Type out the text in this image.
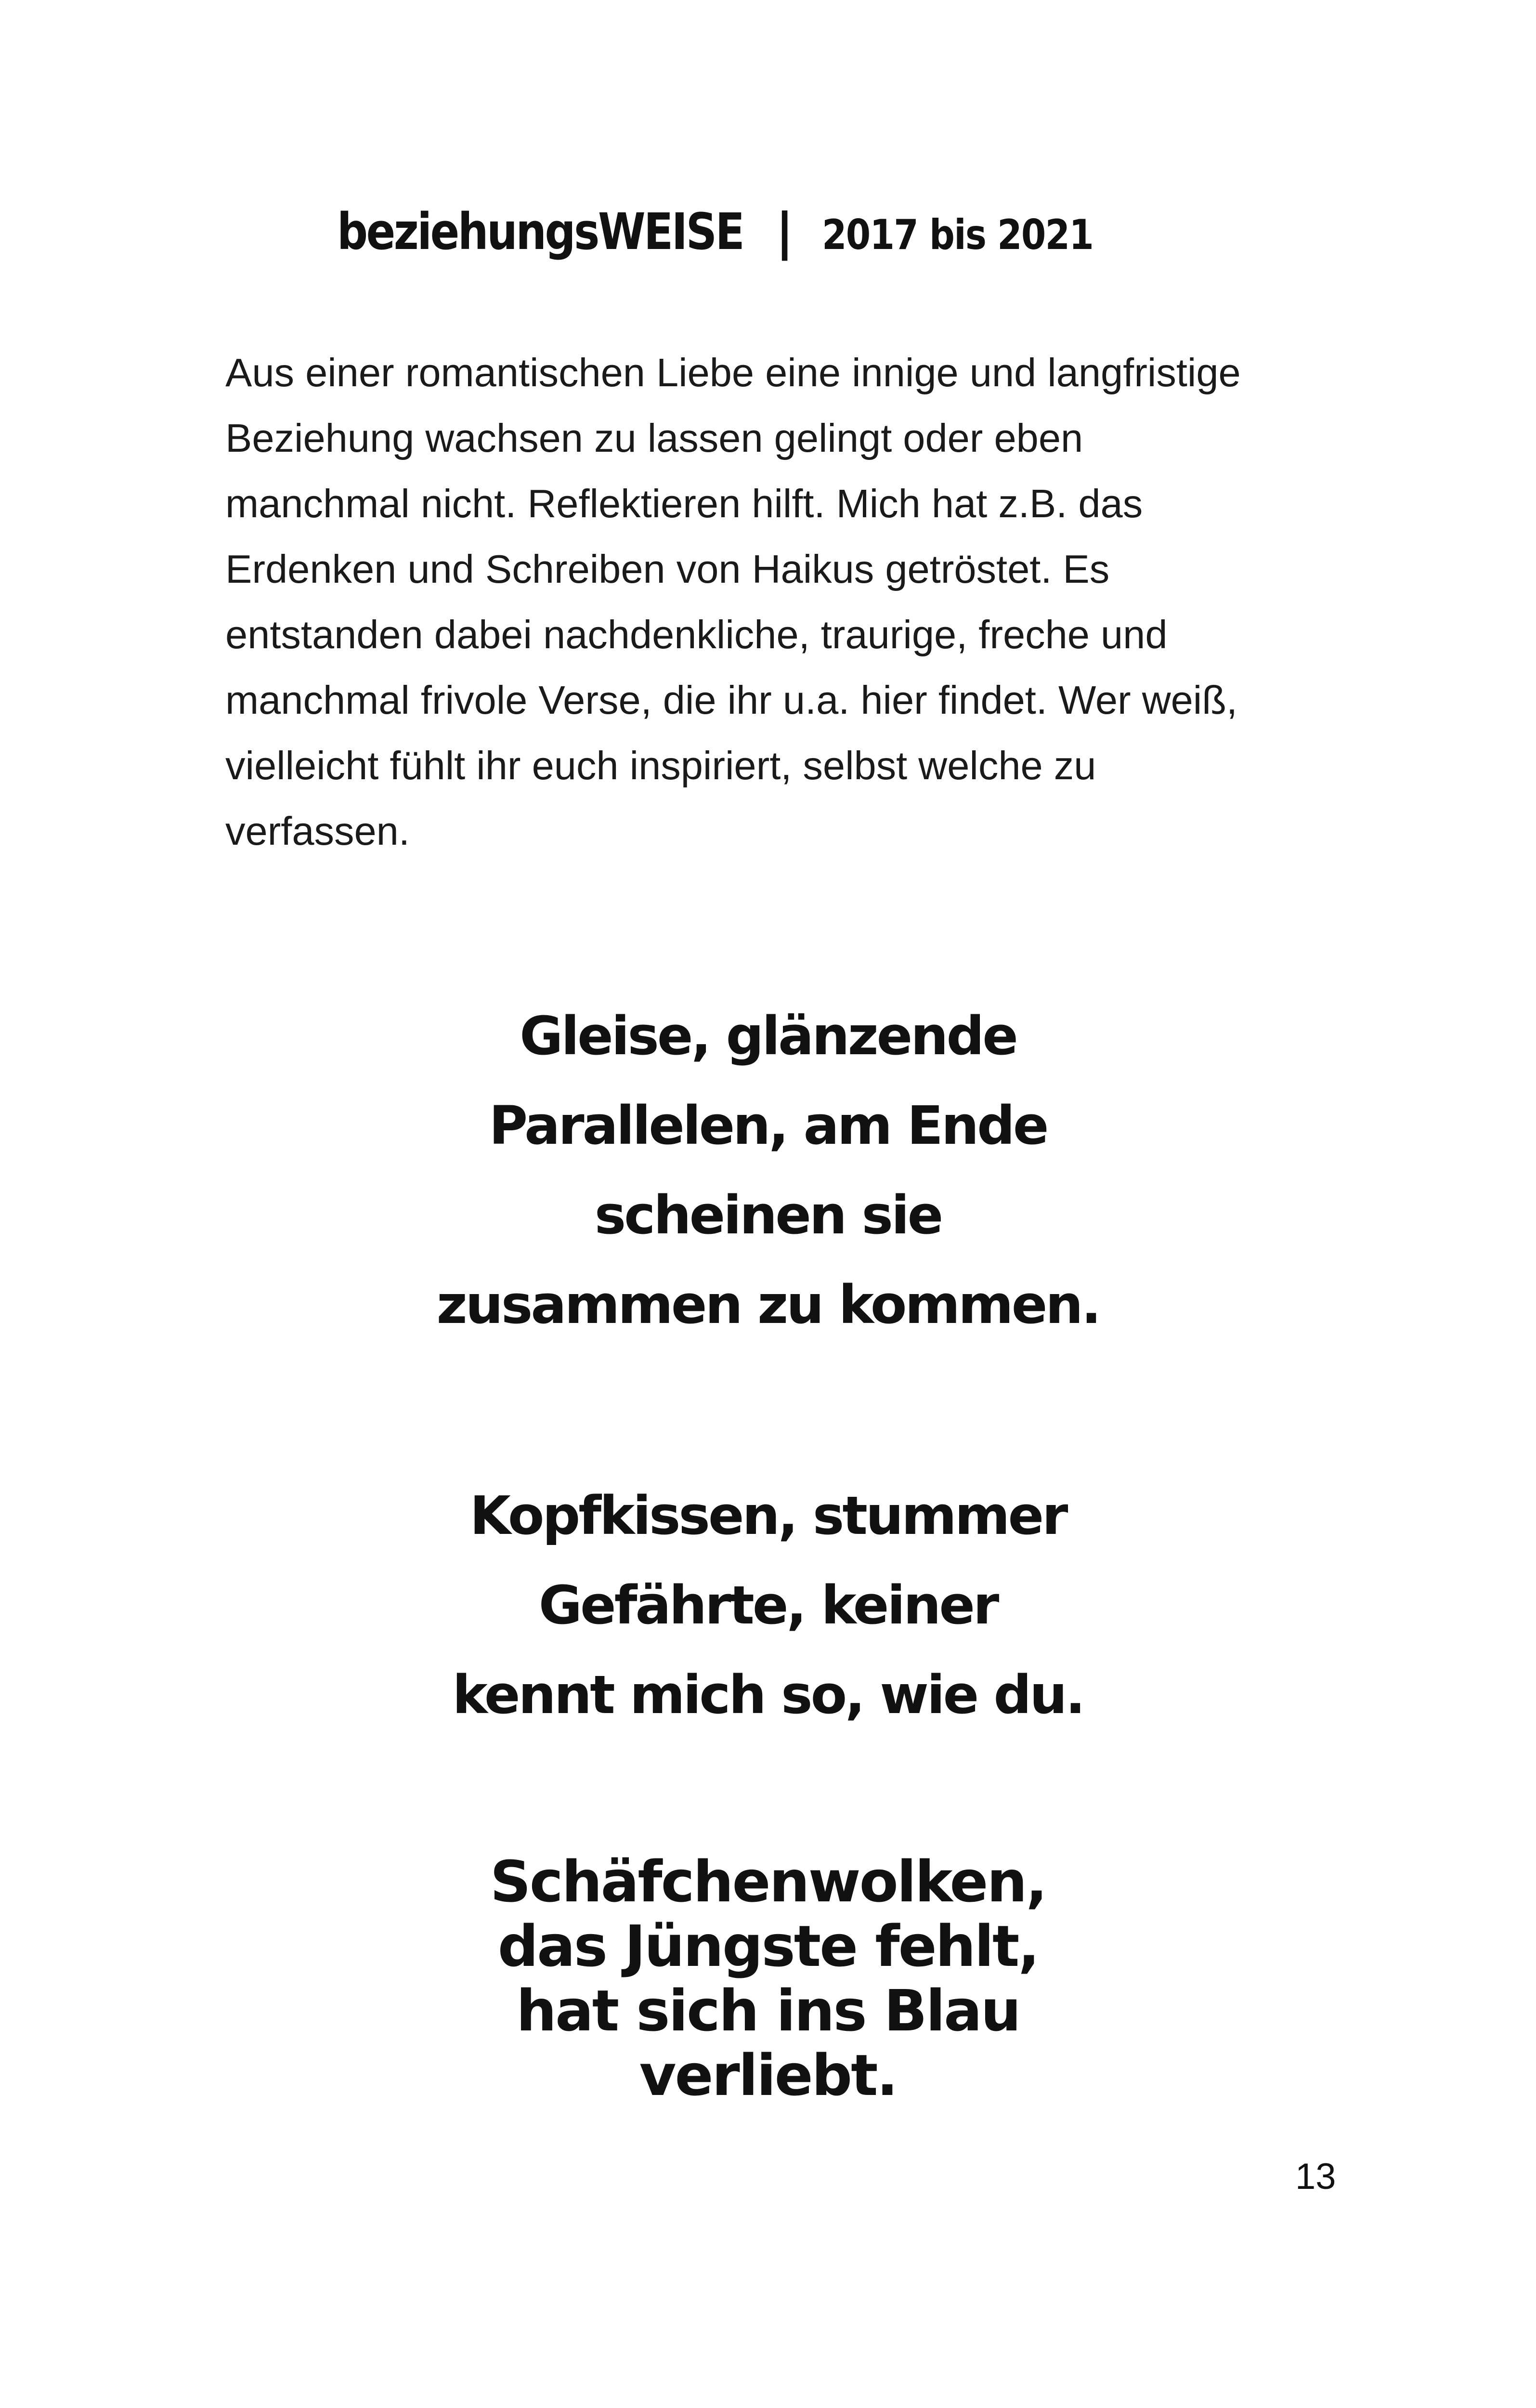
beziehungsWEISE | 2017 bis 2021

Aus einer romantischen Liebe eine innige und langfristige
Beziehung wachsen zu lassen gelingt oder eben
manchmal nicht. Reflektieren hilft. Mich hat z.B. das
Erdenken und Schreiben von Haikus getröstet. Es
entstanden dabei nachdenkliche, traurige, freche und
manchmal frivole Verse, die ihr u.a. hier findet. Wer weiß,
vielleicht fühlt ihr euch inspiriert, selbst welche zu
verfassen.

Gleise, glänzende
Parallelen, am Ende
scheinen sie
zusammen zu kommen.
Kopfkissen, stummer
Gefährte, keiner
kennt mich so, wie du.
Schäfchenwolken,
das Jüngste fehlt,
hat sich ins Blau
verliebt.
13
